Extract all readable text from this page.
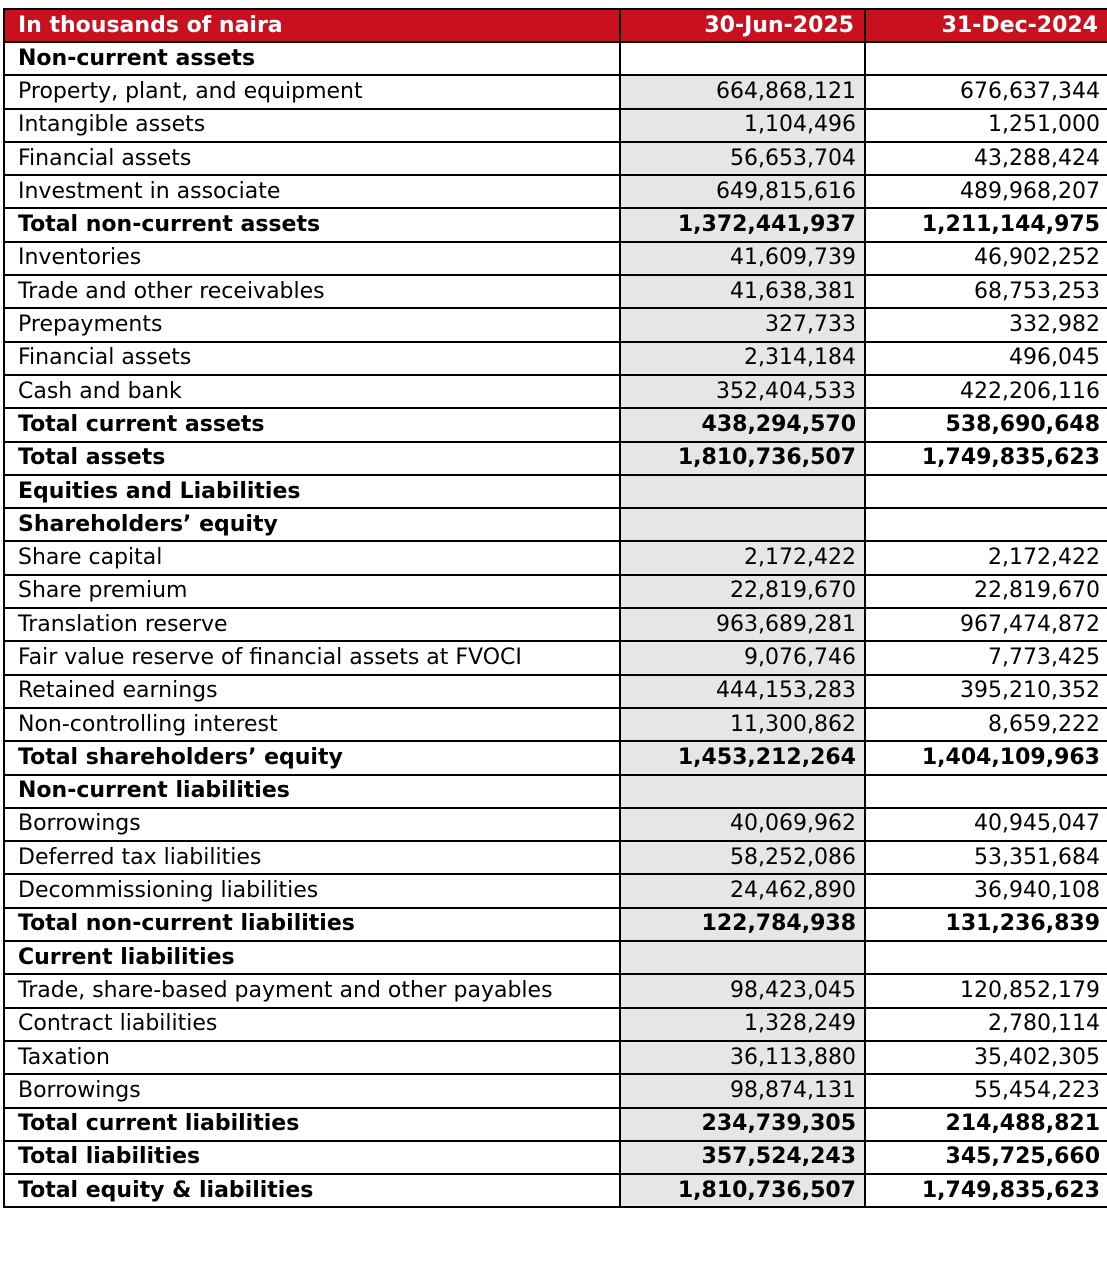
In thousands of naira	30-Jun-2025	31-Dec-2024
Non-current assets		
Property, plant, and equipment	664,868,121	676,637,344
Intangible assets	1,104,496	1,251,000
Financial assets	56,653,704	43,288,424
Investment in associate	649,815,616	489,968,207
Total non-current assets	1,372,441,937	1,211,144,975
Inventories	41,609,739	46,902,252
Trade and other receivables	41,638,381	68,753,253
Prepayments	327,733	332,982
Financial assets	2,314,184	496,045
Cash and bank	352,404,533	422,206,116
Total current assets	438,294,570	538,690,648
Total assets	1,810,736,507	1,749,835,623
Equities and Liabilities		
Shareholders’ equity		
Share capital	2,172,422	2,172,422
Share premium	22,819,670	22,819,670
Translation reserve	963,689,281	967,474,872
Fair value reserve of financial assets at FVOCI	9,076,746	7,773,425
Retained earnings	444,153,283	395,210,352
Non-controlling interest	11,300,862	8,659,222
Total shareholders’ equity	1,453,212,264	1,404,109,963
Non-current liabilities		
Borrowings	40,069,962	40,945,047
Deferred tax liabilities	58,252,086	53,351,684
Decommissioning liabilities	24,462,890	36,940,108
Total non-current liabilities	122,784,938	131,236,839
Current liabilities		
Trade, share-based payment and other payables	98,423,045	120,852,179
Contract liabilities	1,328,249	2,780,114
Taxation	36,113,880	35,402,305
Borrowings	98,874,131	55,454,223
Total current liabilities	234,739,305	214,488,821
Total liabilities	357,524,243	345,725,660
Total equity & liabilities	1,810,736,507	1,749,835,623
